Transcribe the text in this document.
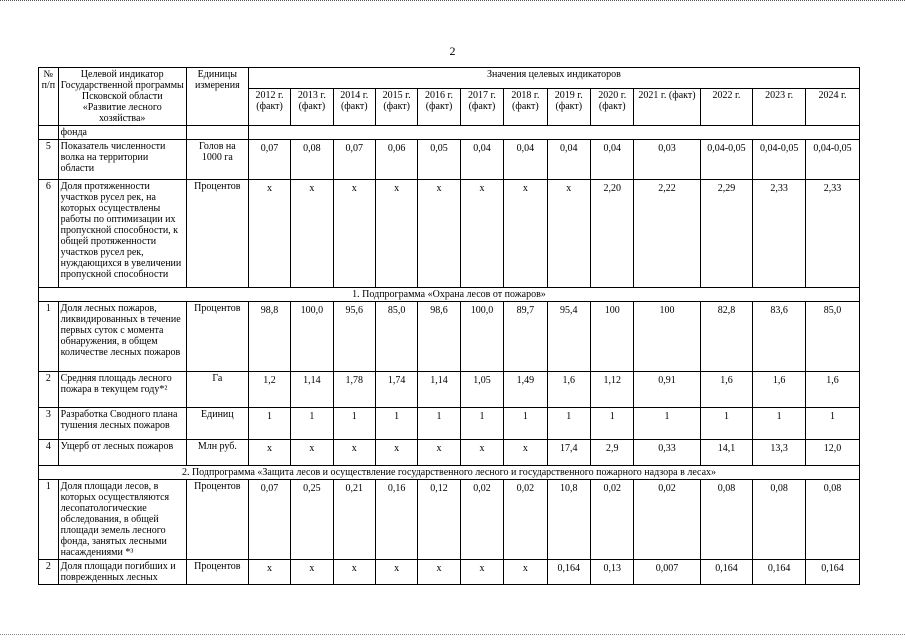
2
№ п/п	Целевой индикатор Государственной программы Псковской области «Развитие лесного хозяйства»	Единицы измерения	Значения целевых индикаторов												
			2012 г. (факт)	2013 г. (факт)	2014 г. (факт)	2015 г. (факт)	2016 г. (факт)	2017 г. (факт)	2018 г. (факт)	2019 г. (факт)	2020 г. (факт)	2021 г. (факт)	2022 г.	2023 г.	2024 г.
	фонда														
5	Показатель численности волка на территории области	Голов на 1000 га	0,07	0,08	0,07	0,06	0,05	0,04	0,04	0,04	0,04	0,03	0,04-0,05	0,04-0,05	0,04-0,05
6	Доля протяженности участков русел рек, на которых осуществлены работы по оптимизации их пропускной способности, к общей протяженности участков русел рек, нуждающихся в увеличении пропускной способности	Процентов	x	x	x	x	x	x	x	x	2,20	2,22	2,29	2,33	2,33
1. Подпрограмма «Охрана лесов от пожаров»															
1	Доля лесных пожаров, ликвидированных в течение первых суток с момента обнаружения, в общем количестве лесных пожаров	Процентов	98,8	100,0	95,6	85,0	98,6	100,0	89,7	95,4	100	100	82,8	83,6	85,0
2	Средняя площадь лесного пожара в текущем году*²	Га	1,2	1,14	1,78	1,74	1,14	1,05	1,49	1,6	1,12	0,91	1,6	1,6	1,6
3	Разработка Сводного плана тушения лесных пожаров	Единиц	1	1	1	1	1	1	1	1	1	1	1	1	1
4	Ущерб от лесных пожаров	Млн руб.	x	x	x	x	x	x	x	17,4	2,9	0,33	14,1	13,3	12,0
2. Подпрограмма «Защита лесов и осуществление государственного лесного и государственного пожарного надзора в лесах»															
1	Доля площади лесов, в которых осуществляются лесопатологические обследования, в общей площади земель лесного фонда, занятых лесными насаждениями *³	Процентов	0,07	0,25	0,21	0,16	0,12	0,02	0,02	10,8	0,02	0,02	0,08	0,08	0,08
2	Доля площади погибших и поврежденных лесных	Процентов	x	x	x	x	x	x	x	0,164	0,13	0,007	0,164	0,164	0,164
